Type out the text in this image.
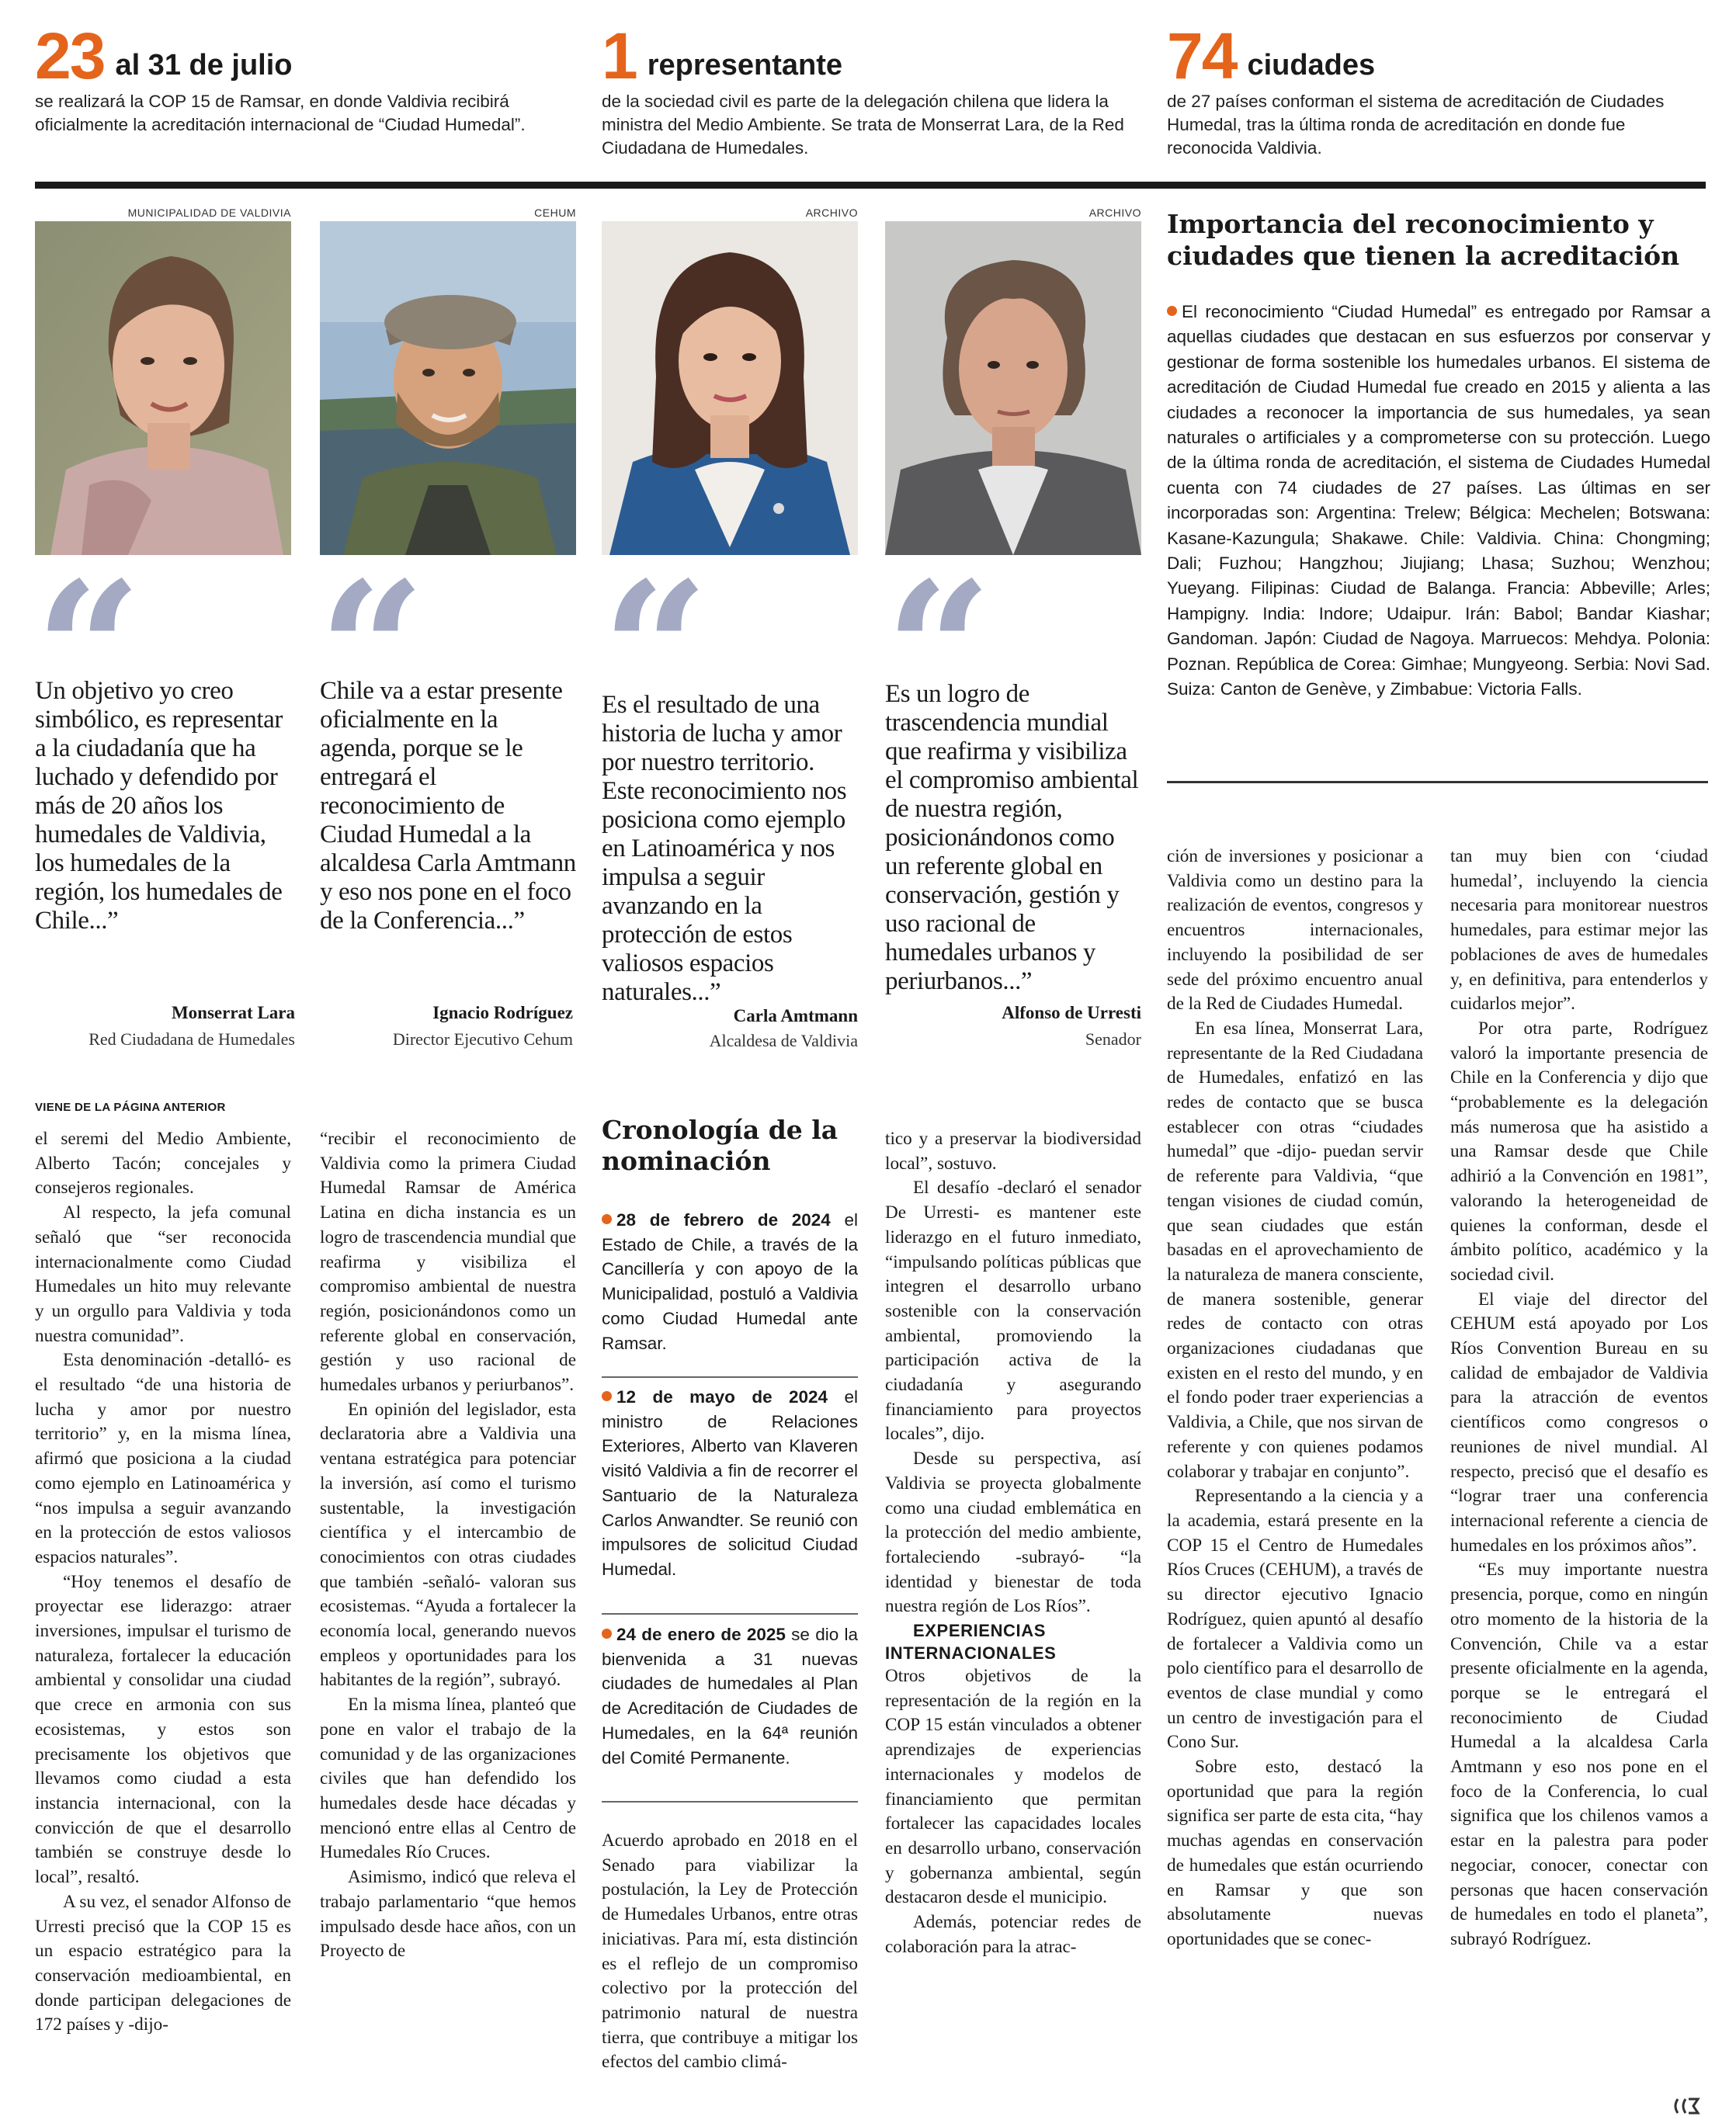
23 al 31 de julio
se realizará la COP 15 de Ramsar, en donde Valdivia recibirá oficialmente la acreditación internacional de “Ciudad Humedal”.
1 representante
de la sociedad civil es parte de la delegación chilena que lidera la ministra del Medio Ambiente. Se trata de Monserrat Lara, de la Red Ciudadana de Humedales.
74 ciudades
de 27 países conforman el sistema de acreditación de Ciudades Humedal, tras la última ronda de acreditación en donde fue reconocida Valdivia.
MUNICIPALIDAD DE VALDIVIA	CEHUM	ARCHIVO	ARCHIVO
Un objetivo yo creo simbólico, es representar a la ciudadanía que ha luchado y defendido por más de 20 años los humedales de Valdivia, los humedales de la región, los humedales de Chile...”
Monserrat Lara
Red Ciudadana de Humedales
Chile va a estar presente oficialmente en la agenda, porque se le entregará el reconocimiento de Ciudad Humedal a la alcaldesa Carla Amtmann y eso nos pone en el foco de la Conferencia...”
Ignacio Rodríguez
Director Ejecutivo Cehum
Es el resultado de una historia de lucha y amor por nuestro territorio. Este reconocimiento nos posiciona como ejemplo en Latinoamérica y nos impulsa a seguir avanzando en la protección de estos valiosos espacios naturales...”
Carla Amtmann
Alcaldesa de Valdivia
Es un logro de trascendencia mundial que reafirma y visibiliza el compromiso ambiental de nuestra región, posicionándonos como un referente global en conservación, gestión y uso racional de humedales urbanos y periurbanos...”
Alfonso de Urresti
Senador
Importancia del reconocimiento y ciudades que tienen la acreditación
El reconocimiento “Ciudad Humedal” es entregado por Ramsar a aquellas ciudades que destacan en sus esfuerzos por conservar y gestionar de forma sostenible los humedales urbanos. El sistema de acreditación de Ciudad Humedal fue creado en 2015 y alienta a las ciudades a reconocer la importancia de sus humedales, ya sean naturales o artificiales y a comprometerse con su protección. Luego de la última ronda de acreditación, el sistema de Ciudades Humedal cuenta con 74 ciudades de 27 países. Las últimas en ser incorporadas son: Argentina: Trelew; Bélgica: Mechelen; Botswana: Kasane-Kazungula; Shakawe. Chile: Valdivia. China: Chongming; Dali; Fuzhou; Hangzhou; Jiujiang; Lhasa; Suzhou; Wenzhou; Yueyang. Filipinas: Ciudad de Balanga. Francia: Abbeville; Arles; Hampigny. India: Indore; Udaipur. Irán: Babol; Bandar Kiashar; Gandoman. Japón: Ciudad de Nagoya. Marruecos: Mehdya. Polonia: Poznan. República de Corea: Gimhae; Mungyeong. Serbia: Novi Sad. Suiza: Canton de Genève, y Zimbabue: Victoria Falls.
VIENE DE LA PÁGINA ANTERIOR

el seremi del Medio Ambiente, Alberto Tacón; concejales y consejeros regionales.

Al respecto, la jefa comunal señaló que “ser reconocida internacionalmente como Ciudad Humedales un hito muy relevante y un orgullo para Valdivia y toda nuestra comunidad”.

Esta denominación -detalló- es el resultado “de una historia de lucha y amor por nuestro territorio” y, en la misma línea, afirmó que posiciona a la ciudad como ejemplo en Latinoamérica y “nos impulsa a seguir avanzando en la protección de estos valiosos espacios naturales”.

“Hoy tenemos el desafío de proyectar ese liderazgo: atraer inversiones, impulsar el turismo de naturaleza, fortalecer la educación ambiental y consolidar una ciudad que crece en armonia con sus ecosistemas, y estos son precisamente los objetivos que llevamos como ciudad a esta instancia internacional, con la convicción de que el desarrollo también se construye desde lo local”, resaltó.

A su vez, el senador Alfonso de Urresti precisó que la COP 15 es un espacio estratégico para la conservación medioambiental, en donde participan delegaciones de 172 países y -dijo-

“recibir el reconocimiento de Valdivia como la primera Ciudad Humedal Ramsar de América Latina en dicha instancia es un logro de trascendencia mundial que reafirma y visibiliza el compromiso ambiental de nuestra región, posicionándonos como un referente global en conservación, gestión y uso racional de humedales urbanos y periurbanos”.

En opinión del legislador, esta declaratoria abre a Valdivia una ventana estratégica para potenciar la inversión, así como el turismo sustentable, la investigación científica y el intercambio de conocimientos con otras ciudades que también -señaló- valoran sus ecosistemas. “Ayuda a fortalecer la economía local, generando nuevos empleos y oportunidades para los habitantes de la región”, subrayó.

En la misma línea, planteó que pone en valor el trabajo de la comunidad y de las organizaciones civiles que han defendido los humedales desde hace décadas y mencionó entre ellas al Centro de Humedales Río Cruces.

Asimismo, indicó que releva el trabajo parlamentario “que hemos impulsado desde hace años, con un Proyecto de

Cronología de la nominación
28 de febrero de 2024 el Estado de Chile, a través de la Cancillería y con apoyo de la Municipalidad, postuló a Valdivia como Ciudad Humedal ante Ramsar.
12 de mayo de 2024 el ministro de Relaciones Exteriores, Alberto van Klaveren visitó Valdivia a fin de recorrer el Santuario de la Naturaleza Carlos Anwandter. Se reunió con impulsores de solicitud Ciudad Humedal.
24 de enero de 2025 se dio la bienvenida a 31 nuevas ciudades de humedales al Plan de Acreditación de Ciudades de Humedales, en la 64ª reunión del Comité Permanente.

Acuerdo aprobado en 2018 en el Senado para viabilizar la postulación, la Ley de Protección de Humedales Urbanos, entre otras iniciativas. Para mí, esta distinción es el reflejo de un compromiso colectivo por la protección del patrimonio natural de nuestra tierra, que contribuye a mitigar los efectos del cambio climá-

tico y a preservar la biodiversidad local”, sostuvo.

El desafío -declaró el senador De Urresti- es mantener este liderazgo en el futuro inmediato, “impulsando políticas públicas que integren el desarrollo urbano sostenible con la conservación ambiental, promoviendo la participación activa de la ciudadanía y asegurando financiamiento para proyectos locales”, dijo.

Desde su perspectiva, así Valdivia se proyecta globalmente como una ciudad emblemática en la protección del medio ambiente, fortaleciendo -subrayó- “la identidad y bienestar de toda nuestra región de Los Ríos”.

EXPERIENCIAS INTERNACIONALES

Otros objetivos de la representación de la región en la COP 15 están vinculados a obtener aprendizajes de experiencias internacionales y modelos de financiamiento que permitan fortalecer las capacidades locales en desarrollo urbano, conservación y gobernanza ambiental, según destacaron desde el municipio.

Además, potenciar redes de colaboración para la atrac-

ción de inversiones y posicionar a Valdivia como un destino para la realización de eventos, congresos y encuentros internacionales, incluyendo la posibilidad de ser sede del próximo encuentro anual de la Red de Ciudades Humedal.

En esa línea, Monserrat Lara, representante de la Red Ciudadana de Humedales, enfatizó en las redes de contacto que se busca establecer con otras “ciudades humedal” que -dijo- puedan servir de referente para Valdivia, “que tengan visiones de ciudad común, que sean ciudades que están basadas en el aprovechamiento de la naturaleza de manera consciente, de manera sostenible, generar redes de contacto con otras organizaciones ciudadanas que existen en el resto del mundo, y en el fondo poder traer experiencias a Valdivia, a Chile, que nos sirvan de referente y con quienes podamos colaborar y trabajar en conjunto”.

Representando a la ciencia y a la academia, estará presente en la COP 15 el Centro de Humedales Ríos Cruces (CEHUM), a través de su director ejecutivo Ignacio Rodríguez, quien apuntó al desafío de fortalecer a Valdivia como un polo científico para el desarrollo de eventos de clase mundial y como un centro de investigación para el Cono Sur.

Sobre esto, destacó la oportunidad que para la región significa ser parte de esta cita, “hay muchas agendas en conservación de humedales que están ocurriendo en Ramsar y que son absolutamente nuevas oportunidades que se conec-

tan muy bien con ‘ciudad humedal’, incluyendo la ciencia necesaria para monitorear nuestros humedales, para estimar mejor las poblaciones de aves de humedales y, en definitiva, para entenderlos y cuidarlos mejor”.

Por otra parte, Rodríguez valoró la importante presencia de Chile en la Conferencia y dijo que “probablemente es la delegación más numerosa que ha asistido a una Ramsar desde que Chile adhirió a la Convención en 1981”, valorando la heterogeneidad de quienes la conforman, desde el ámbito político, académico y la sociedad civil.

El viaje del director del CEHUM está apoyado por Los Ríos Convention Bureau en su calidad de embajador de Valdivia para la atracción de eventos científicos como congresos o reuniones de nivel mundial. Al respecto, precisó que el desafío es “lograr traer una conferencia internacional referente a ciencia de humedales en los próximos años”.

“Es muy importante nuestra presencia, porque, como en ningún otro momento de la historia de la Convención, Chile va a estar presente oficialmente en la agenda, porque se le entregará el reconocimiento de Ciudad Humedal a la alcaldesa Carla Amtmann y eso nos pone en el foco de la Conferencia, lo cual significa que los chilenos vamos a estar en la palestra para poder negociar, conocer, conectar con personas que hacen conservación de humedales en todo el planeta”, subrayó Rodríguez.
